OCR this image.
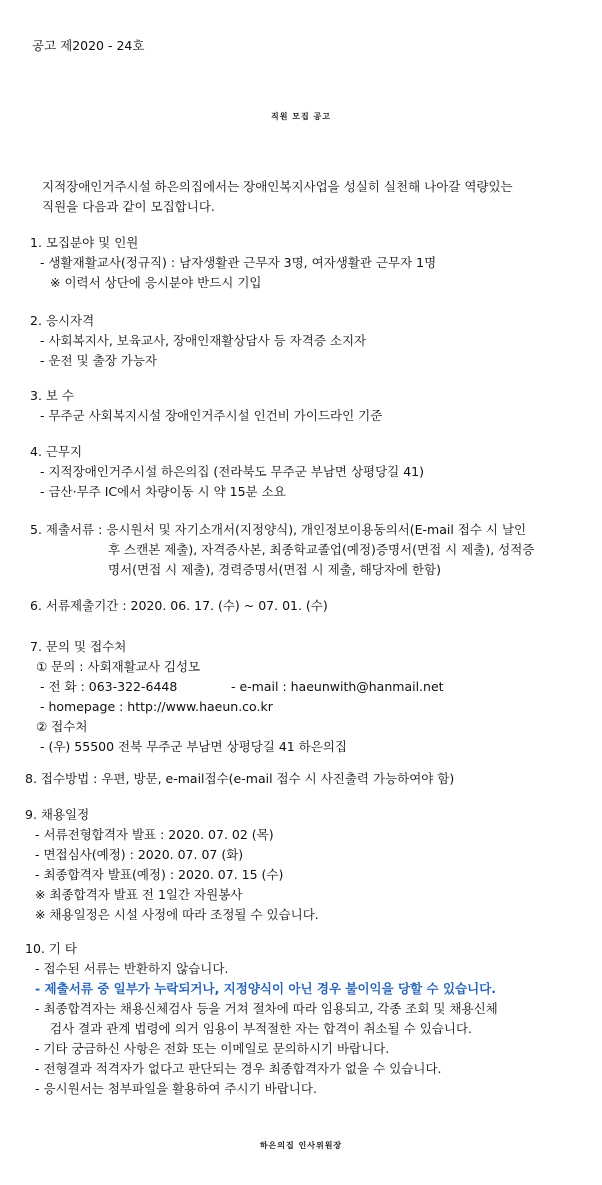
공고 제2020 - 24호
직원 모집 공고
지적장애인거주시설 하은의집에서는 장애인복지사업을 성실히 실천해 나아갈 역량있는
직원을 다음과 같이 모집합니다.
1. 모집분야 및 인원
- 생활재활교사(정규직) : 남자생활관 근무자 3명, 여자생활관 근무자 1명
※ 이력서 상단에 응시분야 반드시 기입
2. 응시자격
- 사회복지사, 보육교사, 장애인재활상담사 등 자격증 소지자
- 운전 및 출장 가능자
3. 보 수
- 무주군 사회복지시설 장애인거주시설 인건비 가이드라인 기준
4. 근무지
- 지적장애인거주시설 하은의집 (전라북도 무주군 부남면 상평당길 41)
- 금산·무주 IC에서 차량이동 시 약 15분 소요
5. 제출서류 : 응시원서 및 자기소개서(지정양식), 개인정보이용동의서(E-mail 접수 시 날인
후 스캔본 제출), 자격증사본, 최종학교졸업(예정)증명서(면접 시 제출), 성적증
명서(면접 시 제출), 경력증명서(면접 시 제출, 해당자에 한함)
6. 서류제출기간 : 2020. 06. 17. (수) ~ 07. 01. (수)
7. 문의 및 접수처
① 문의 : 사회재활교사 김성모
- 전 화 : 063-322-6448	- e-mail : haeunwith@hanmail.net
- homepage : http://www.haeun.co.kr
② 접수처
- (우) 55500 전북 무주군 부남면 상평당길 41 하은의집
8. 접수방법 : 우편, 방문, e-mail접수(e-mail 접수 시 사진출력 가능하여야 함)
9. 채용일정
- 서류전형합격자 발표 : 2020. 07. 02 (목)
- 면접심사(예정) : 2020. 07. 07 (화)
- 최종합격자 발표(예정) : 2020. 07. 15 (수)
※ 최종합격자 발표 전 1일간 자원봉사
※ 채용일정은 시설 사정에 따라 조정될 수 있습니다.
10. 기 타
- 접수된 서류는 반환하지 않습니다.
- 제출서류 중 일부가 누락되거나, 지정양식이 아닌 경우 불이익을 당할 수 있습니다.
- 최종합격자는 채용신체검사 등을 거쳐 절차에 따라 임용되고, 각종 조회 및 채용신체
검사 결과 관계 법령에 의거 임용이 부적절한 자는 합격이 취소될 수 있습니다.
- 기타 궁금하신 사항은 전화 또는 이메일로 문의하시기 바랍니다.
- 전형결과 적격자가 없다고 판단되는 경우 최종합격자가 없을 수 있습니다.
- 응시원서는 첨부파일을 활용하여 주시기 바랍니다.
하은의집 인사위원장
